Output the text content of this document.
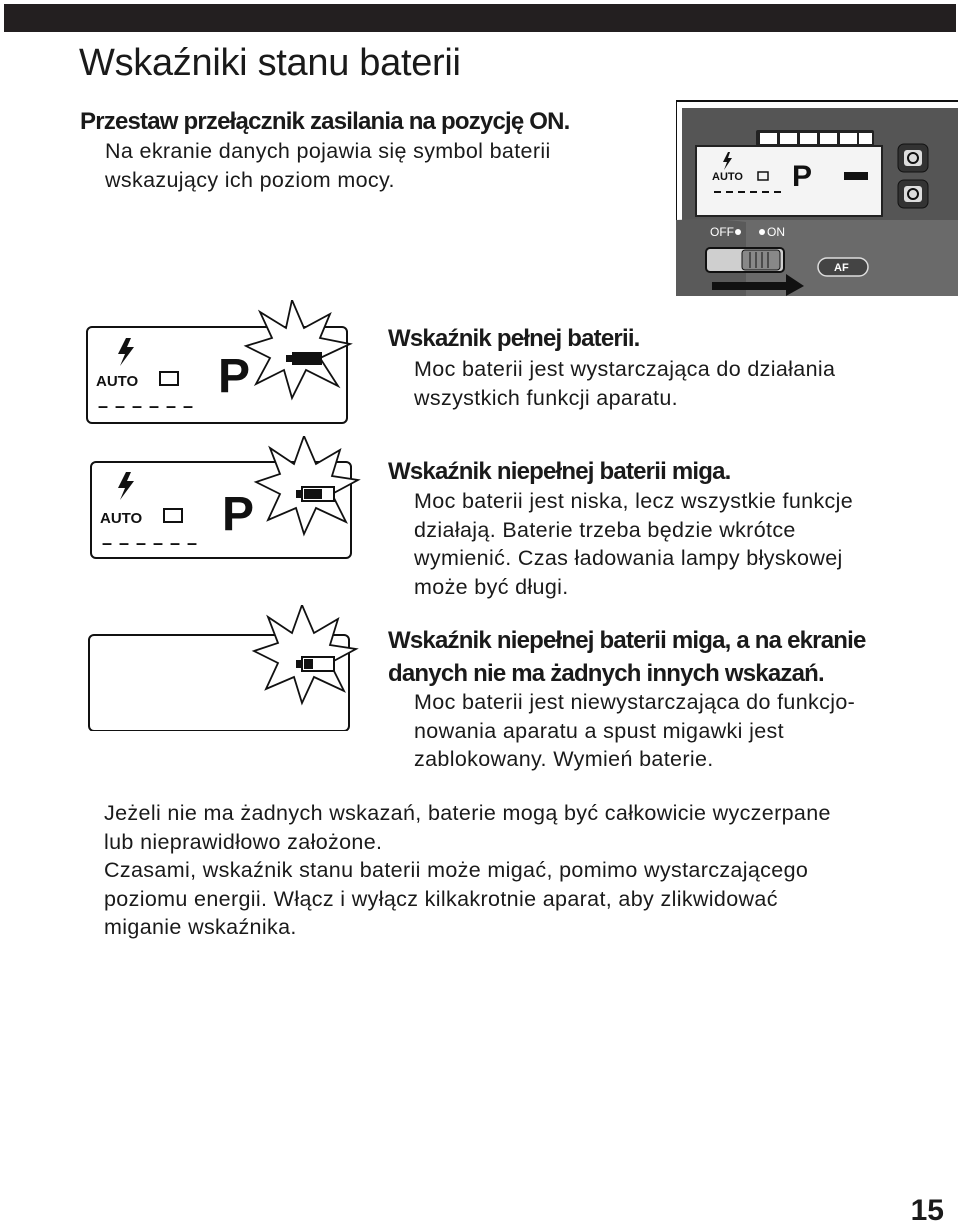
Wskaźniki stanu baterii
Przestaw przełącznik zasilania na pozycję ON.
Na ekranie danych pojawia się symbol baterii
wskazujący ich poziom mocy.	AUTO P
OFF	ON
AF
AUTO P
– – – – – –
AUTO P
– – – – – –
Wskaźnik pełnej baterii.
Moc baterii jest wystarczająca do działania
wszystkich funkcji aparatu.
Wskaźnik niepełnej baterii miga.
Moc baterii jest niska, lecz wszystkie funkcje
działają. Baterie trzeba będzie wkrótce
wymienić. Czas ładowania lampy błyskowej
może być długi.
Wskaźnik niepełnej baterii miga, a na ekranie
danych nie ma żadnych innych wskazań.
Moc baterii jest niewystarczająca do funkcjo-
nowania aparatu a spust migawki jest
zablokowany. Wymień baterie.
Jeżeli nie ma żadnych wskazań, baterie mogą być całkowicie wyczerpane
lub nieprawidłowo założone.
Czasami, wskaźnik stanu baterii może migać, pomimo wystarczającego
poziomu energii. Włącz i wyłącz kilkakrotnie aparat, aby zlikwidować
miganie wskaźnika.
15
